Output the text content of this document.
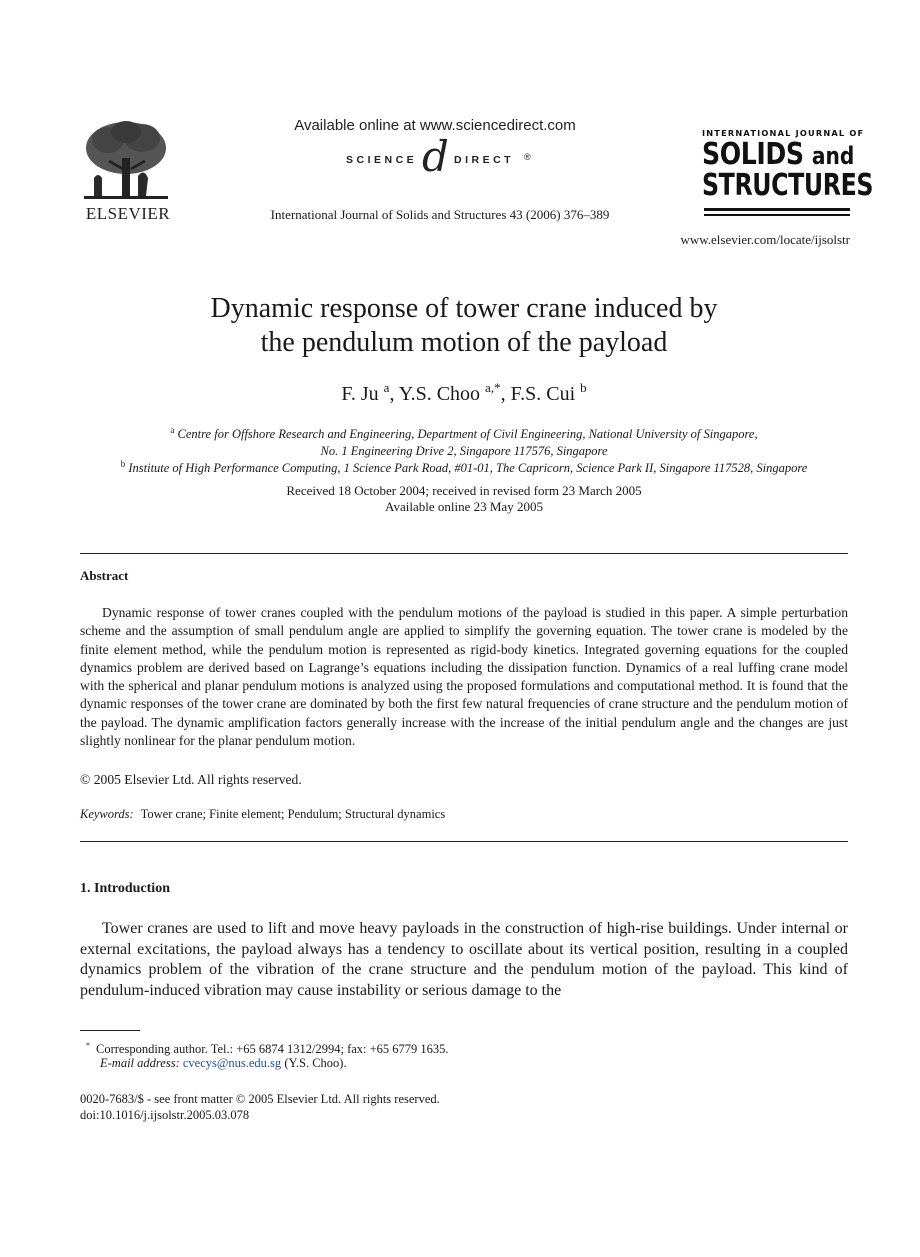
ELSEVIER
Available online at www.sciencedirect.com
SCIENCE d DIRECT ®
International Journal of Solids and Structures 43 (2006) 376–389
INTERNATIONAL JOURNAL OF
SOLIDS and
STRUCTURES
www.elsevier.com/locate/ijsolstr
Dynamic response of tower crane induced by
the pendulum motion of the payload
F. Ju $^a$, Y.S. Choo $^{a,*}$, F.S. Cui $^b$
$^a$ Centre for Offshore Research and Engineering, Department of Civil Engineering, National University of Singapore,
No. 1 Engineering Drive 2, Singapore 117576, Singapore
$^b$ Institute of High Performance Computing, 1 Science Park Road, #01-01, The Capricorn, Science Park II, Singapore 117528, Singapore
Received 18 October 2004; received in revised form 23 March 2005
Available online 23 May 2005
Abstract
Dynamic response of tower cranes coupled with the pendulum motions of the payload is studied in this paper. A simple perturbation scheme and the assumption of small pendulum angle are applied to simplify the governing equation. The tower crane is modeled by the finite element method, while the pendulum motion is represented as rigid-body kinetics. Integrated governing equations for the coupled dynamics problem are derived based on Lagrange’s equations including the dissipation function. Dynamics of a real luffing crane model with the spherical and planar pendulum motions is analyzed using the proposed formulations and computational method. It is found that the dynamic responses of the tower crane are dominated by both the first few natural frequencies of crane structure and the pendulum motion of the payload. The dynamic amplification factors generally increase with the increase of the initial pendulum angle and the changes are just slightly nonlinear for the planar pendulum motion.
© 2005 Elsevier Ltd. All rights reserved.
Keywords: Tower crane; Finite element; Pendulum; Structural dynamics
1. Introduction
Tower cranes are used to lift and move heavy payloads in the construction of high-rise buildings. Under internal or external excitations, the payload always has a tendency to oscillate about its vertical position, resulting in a coupled dynamics problem of the vibration of the crane structure and the pendulum motion of the payload. This kind of pendulum-induced vibration may cause instability or serious damage to the
* Corresponding author. Tel.: +65 6874 1312/2994; fax: +65 6779 1635.
E-mail address: cvecys@nus.edu.sg (Y.S. Choo).
0020-7683/$ - see front matter © 2005 Elsevier Ltd. All rights reserved.
doi:10.1016/j.ijsolstr.2005.03.078
